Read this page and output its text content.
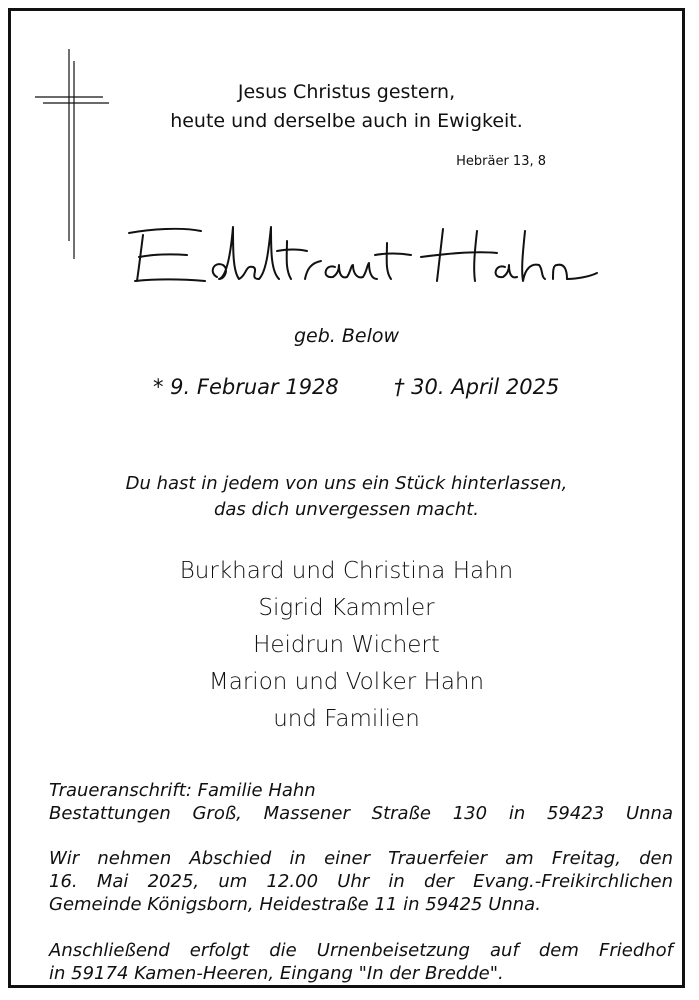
Jesus Christus gestern,
heute und derselbe auch in Ewigkeit.
Hebräer 13, 8
geb. Below
* 9. Februar 1928	† 30. April 2025
Du hast in jedem von uns ein Stück hinterlassen,
das dich unvergessen macht.
Burkhard und Christina Hahn
Sigrid Kammler
Heidrun Wichert
Marion und Volker Hahn
und Familien
Traueranschrift: Familie Hahn
Bestattungen Groß, Massener Straße 130 in 59423 Unna
Wir nehmen Abschied in einer Trauerfeier am Freitag, den
16. Mai 2025, um 12.00 Uhr in der Evang.-Freikirchlichen
Gemeinde Königsborn, Heidestraße 11 in 59425 Unna.
Anschließend erfolgt die Urnenbeisetzung auf dem Friedhof
in 59174 Kamen-Heeren, Eingang "In der Bredde".
